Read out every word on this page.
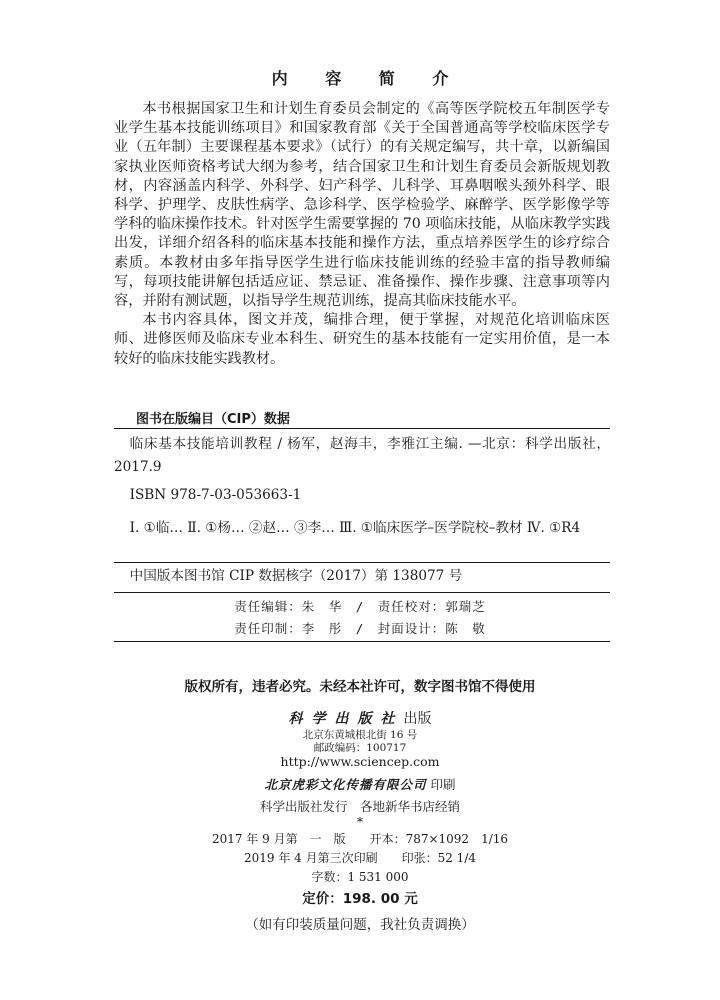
内 容 简 介

本书根据国家卫生和计划生育委员会制定的《高等医学院校五年制医学专业学生基本技能训练项目》和国家教育部《关于全国普通高等学校临床医学专业（五年制）主要课程基本要求》（试行）的有关规定编写，共十章，以新编国家执业医师资格考试大纲为参考，结合国家卫生和计划生育委员会新版规划教材，内容涵盖内科学、外科学、妇产科学、儿科学、耳鼻咽喉头颈外科学、眼科学、护理学、皮肤性病学、急诊科学、医学检验学、麻醉学、医学影像学等学科的临床操作技术。针对医学生需要掌握的 70 项临床技能，从临床教学实践出发，详细介绍各科的临床基本技能和操作方法，重点培养医学生的诊疗综合素质。本教材由多年指导医学生进行临床技能训练的经验丰富的指导教师编写，每项技能讲解包括适应证、禁忌证、准备操作、操作步骤、注意事项等内容，并附有测试题，以指导学生规范训练，提高其临床技能水平。

本书内容具体，图文并茂，编排合理，便于掌握，对规范化培训临床医师、进修医师及临床专业本科生、研究生的基本技能有一定实用价值，是一本较好的临床技能实践教材。

图书在版编目（CIP）数据
临床基本技能培训教程 / 杨军，赵海丰，李雅江主编. —北京：科学出版社，2017.9
ISBN 978-7-03-053663-1
Ⅰ. ①临… Ⅱ. ①杨… ②赵… ③李… Ⅲ. ①临床医学–医学院校–教材 Ⅳ. ①R4
中国版本图书馆 CIP 数据核字（2017）第 138077 号
责任编辑：朱　华　/　责任校对：郭瑞芝
责任印制：李　彤　/　封面设计：陈　敬
版权所有，违者必究。未经本社许可，数字图书馆不得使用
科学出版社出版
北京东黄城根北街 16 号
邮政编码：100717
http://www.sciencep.com
北京虎彩文化传播有限公司 印刷
科学出版社发行　各地新华书店经销
*
2017 年 9 月第　一　版　　开本：787×1092　1/16
2019 年 4 月第三次印刷　　印张：52 1/4
字数：1 531 000
定价：198. 00 元
（如有印装质量问题，我社负责调换）
